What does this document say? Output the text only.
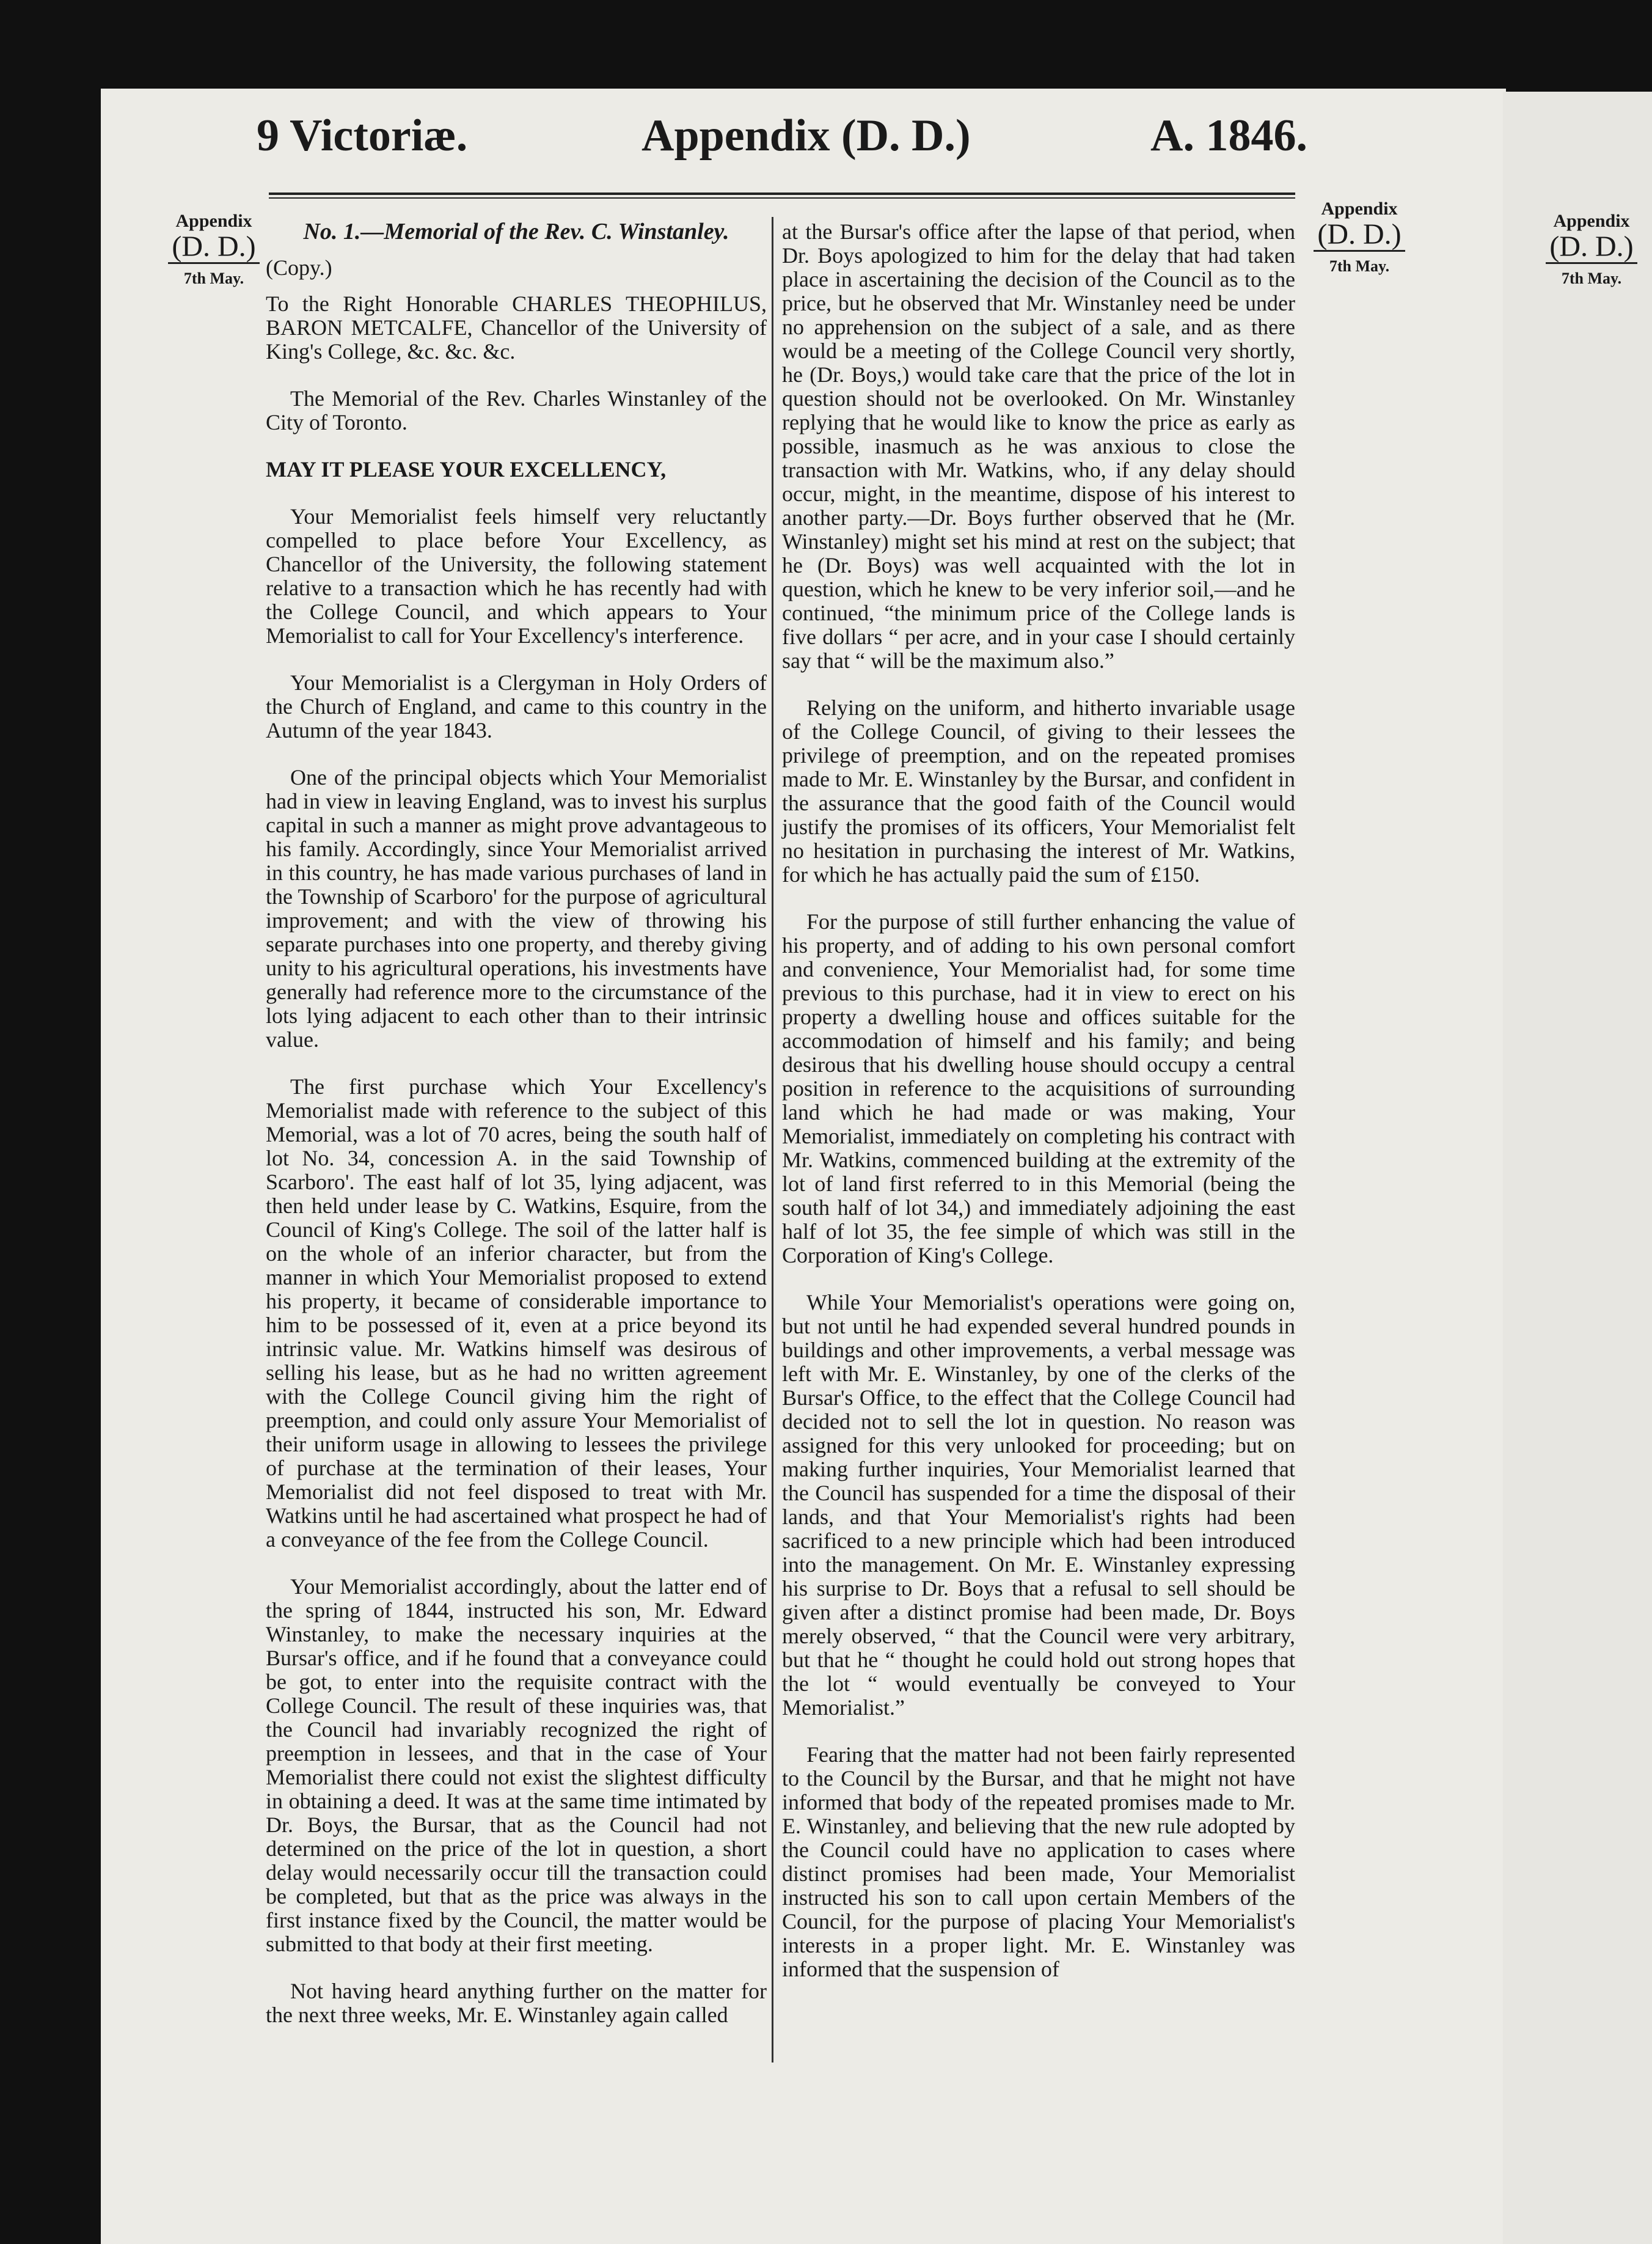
9 Victoriæ.	Appendix (D. D.)	A. 1846.
Appendix
(D. D.)
7th May.
Appendix
(D. D.)
7th May.
Appendix
(D. D.)
7th May.

No. 1.—Memorial of the Rev. C. Winstanley.

(Copy.)

To the Right Honorable CHARLES THEOPHILUS, BARON METCALFE, Chancellor of the University of King's College, &c. &c. &c.

The Memorial of the Rev. Charles Winstanley of the City of Toronto.

MAY IT PLEASE YOUR EXCELLENCY,

Your Memorialist feels himself very reluctantly compelled to place before Your Excellency, as Chancellor of the University, the following statement relative to a transaction which he has recently had with the College Council, and which appears to Your Memorialist to call for Your Excellency's interference.

Your Memorialist is a Clergyman in Holy Orders of the Church of England, and came to this country in the Autumn of the year 1843.

One of the principal objects which Your Memorialist had in view in leaving England, was to invest his surplus capital in such a manner as might prove advantageous to his family. Accordingly, since Your Memorialist arrived in this country, he has made various purchases of land in the Township of Scarboro' for the purpose of agricultural improvement; and with the view of throwing his separate purchases into one property, and thereby giving unity to his agricultural operations, his investments have generally had reference more to the circumstance of the lots lying adjacent to each other than to their intrinsic value.

The first purchase which Your Excellency's Memorialist made with reference to the subject of this Memorial, was a lot of 70 acres, being the south half of lot No. 34, concession A. in the said Township of Scarboro'. The east half of lot 35, lying adjacent, was then held under lease by C. Watkins, Esquire, from the Council of King's College. The soil of the latter half is on the whole of an inferior character, but from the manner in which Your Memorialist proposed to extend his property, it became of considerable importance to him to be possessed of it, even at a price beyond its intrinsic value. Mr. Watkins himself was desirous of selling his lease, but as he had no written agreement with the College Council giving him the right of preemption, and could only assure Your Memorialist of their uniform usage in allowing to lessees the privilege of purchase at the termination of their leases, Your Memorialist did not feel disposed to treat with Mr. Watkins until he had ascertained what prospect he had of a conveyance of the fee from the College Council.

Your Memorialist accordingly, about the latter end of the spring of 1844, instructed his son, Mr. Edward Winstanley, to make the necessary inquiries at the Bursar's office, and if he found that a conveyance could be got, to enter into the requisite contract with the College Council. The result of these inquiries was, that the Council had invariably recognized the right of preemption in lessees, and that in the case of Your Memorialist there could not exist the slightest difficulty in obtaining a deed. It was at the same time intimated by Dr. Boys, the Bursar, that as the Council had not determined on the price of the lot in question, a short delay would necessarily occur till the transaction could be completed, but that as the price was always in the first instance fixed by the Council, the matter would be submitted to that body at their first meeting.

Not having heard anything further on the matter for the next three weeks, Mr. E. Winstanley again called

at the Bursar's office after the lapse of that period, when Dr. Boys apologized to him for the delay that had taken place in ascertaining the decision of the Council as to the price, but he observed that Mr. Winstanley need be under no apprehension on the subject of a sale, and as there would be a meeting of the College Council very shortly, he (Dr. Boys,) would take care that the price of the lot in question should not be overlooked. On Mr. Winstanley replying that he would like to know the price as early as possible, inasmuch as he was anxious to close the transaction with Mr. Watkins, who, if any delay should occur, might, in the meantime, dispose of his interest to another party.—Dr. Boys further observed that he (Mr. Winstanley) might set his mind at rest on the subject; that he (Dr. Boys) was well acquainted with the lot in question, which he knew to be very inferior soil,—and he continued, “the minimum price of the College lands is five dollars “ per acre, and in your case I should certainly say that “ will be the maximum also.”

Relying on the uniform, and hitherto invariable usage of the College Council, of giving to their lessees the privilege of preemption, and on the repeated promises made to Mr. E. Winstanley by the Bursar, and confident in the assurance that the good faith of the Council would justify the promises of its officers, Your Memorialist felt no hesitation in purchasing the interest of Mr. Watkins, for which he has actually paid the sum of £150.

For the purpose of still further enhancing the value of his property, and of adding to his own personal comfort and convenience, Your Memorialist had, for some time previous to this purchase, had it in view to erect on his property a dwelling house and offices suitable for the accommodation of himself and his family; and being desirous that his dwelling house should occupy a central position in reference to the acquisitions of surrounding land which he had made or was making, Your Memorialist, immediately on completing his contract with Mr. Watkins, commenced building at the extremity of the lot of land first referred to in this Memorial (being the south half of lot 34,) and immediately adjoining the east half of lot 35, the fee simple of which was still in the Corporation of King's College.

While Your Memorialist's operations were going on, but not until he had expended several hundred pounds in buildings and other improvements, a verbal message was left with Mr. E. Winstanley, by one of the clerks of the Bursar's Office, to the effect that the College Council had decided not to sell the lot in question. No reason was assigned for this very unlooked for proceeding; but on making further inquiries, Your Memorialist learned that the Council has suspended for a time the disposal of their lands, and that Your Memorialist's rights had been sacrificed to a new principle which had been introduced into the management. On Mr. E. Winstanley expressing his surprise to Dr. Boys that a refusal to sell should be given after a distinct promise had been made, Dr. Boys merely observed, “ that the Council were very arbitrary, but that he “ thought he could hold out strong hopes that the lot “ would eventually be conveyed to Your Memorialist.”

Fearing that the matter had not been fairly represented to the Council by the Bursar, and that he might not have informed that body of the repeated promises made to Mr. E. Winstanley, and believing that the new rule adopted by the Council could have no application to cases where distinct promises had been made, Your Memorialist instructed his son to call upon certain Members of the Council, for the purpose of placing Your Memorialist's interests in a proper light. Mr. E. Winstanley was informed that the suspension of
